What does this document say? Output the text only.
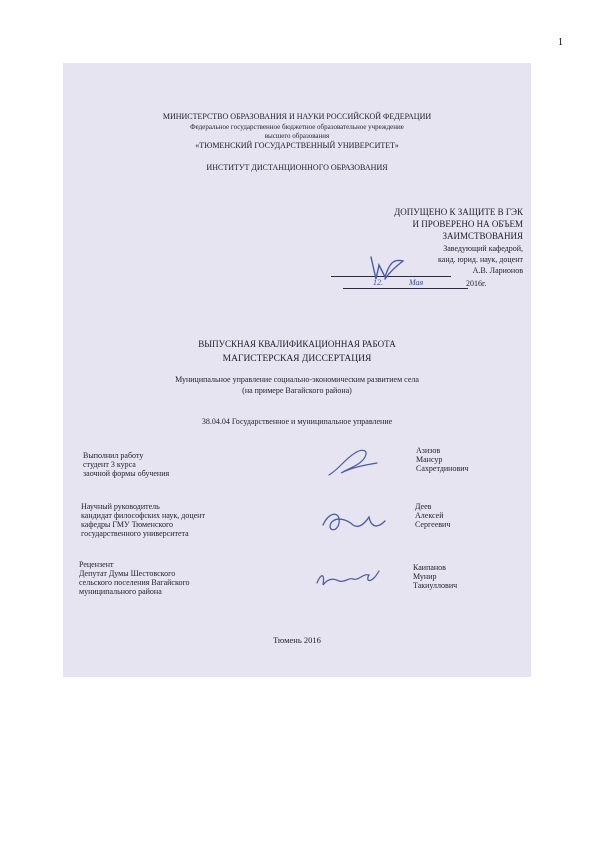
1
МИНИСТЕРСТВО ОБРАЗОВАНИЯ И НАУКИ РОССИЙСКОЙ ФЕДЕРАЦИИ
Федеральное государственное бюджетное образовательное учреждение
высшего образования
«ТЮМЕНСКИЙ ГОСУДАРСТВЕННЫЙ УНИВЕРСИТЕТ»
ИНСТИТУТ ДИСТАНЦИОННОГО ОБРАЗОВАНИЯ
ДОПУЩЕНО К ЗАЩИТЕ В ГЭК
И ПРОВЕРЕНО НА ОБЪЕМ
ЗАИМСТВОВАНИЯ
Заведующий кафедрой,
канд. юрид. наук, доцент
А.В. Ларионов
12.	Мая	2016г.
ВЫПУСКНАЯ КВАЛИФИКАЦИОННАЯ РАБОТА
МАГИСТЕРСКАЯ ДИССЕРТАЦИЯ
Муниципальное управление социально-экономическим развитием села
(на примере Вагайского района)
38.04.04 Государственное и муниципальное управление
Выполнил работу
студент 3 курса
заочной формы обучения
Азизов
Мансур
Сахретдинович
Научный руководитель
кандидат философских наук, доцент
кафедры ГМУ Тюменского
государственного университета
Деев
Алексей
Сергеевич
Рецензент
Депутат Думы Шестовского
сельского поселения Вагайского
муниципального района
Каипанов
Мунир
Такиуллович
Тюмень 2016
